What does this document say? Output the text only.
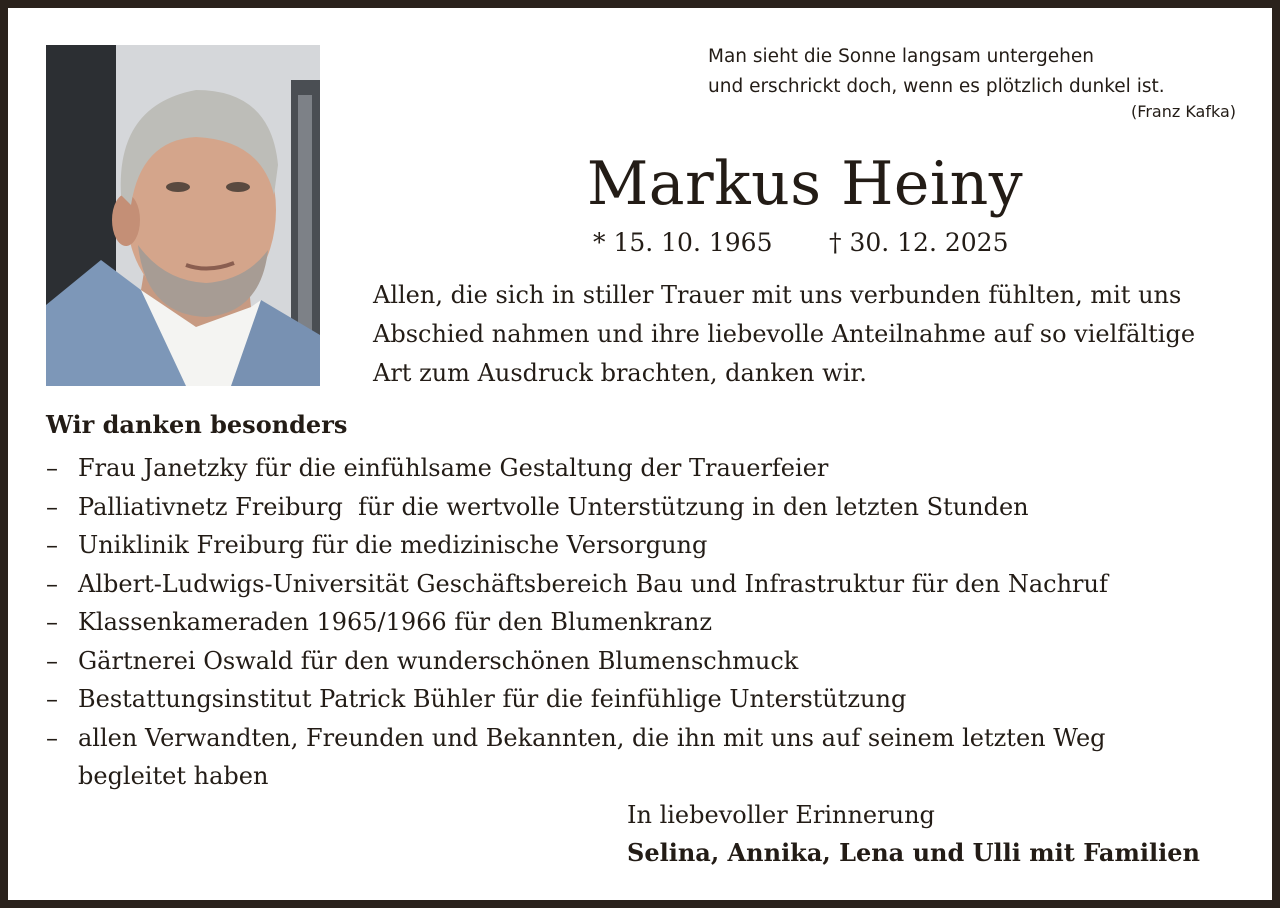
Man sieht die Sonne langsam untergehen
und erschrickt doch, wenn es plötzlich dunkel ist.
(Franz Kafka)
Markus Heiny
* 15. 10. 1965 † 30. 12. 2025
Allen, die sich in stiller Trauer mit uns verbunden fühlten, mit uns
Abschied nahmen und ihre liebevolle Anteilnahme auf so vielfältige
Art zum Ausdruck brachten, danken wir.
Wir danken besonders
– Frau Janetzky für die einfühlsame Gestaltung der Trauerfeier
– Palliativnetz Freiburg  für die wertvolle Unterstützung in den letzten Stunden
– Uniklinik Freiburg für die medizinische Versorgung
– Albert-Ludwigs-Universität Geschäftsbereich Bau und Infrastruktur für den Nachruf
– Klassenkameraden 1965/1966 für den Blumenkranz
– Gärtnerei Oswald für den wunderschönen Blumenschmuck
– Bestattungsinstitut Patrick Bühler für die feinfühlige Unterstützung
– allen Verwandten, Freunden und Bekannten, die ihn mit uns auf seinem letzten Weg
begleitet haben
In liebevoller Erinnerung
Selina, Annika, Lena und Ulli mit Familien
